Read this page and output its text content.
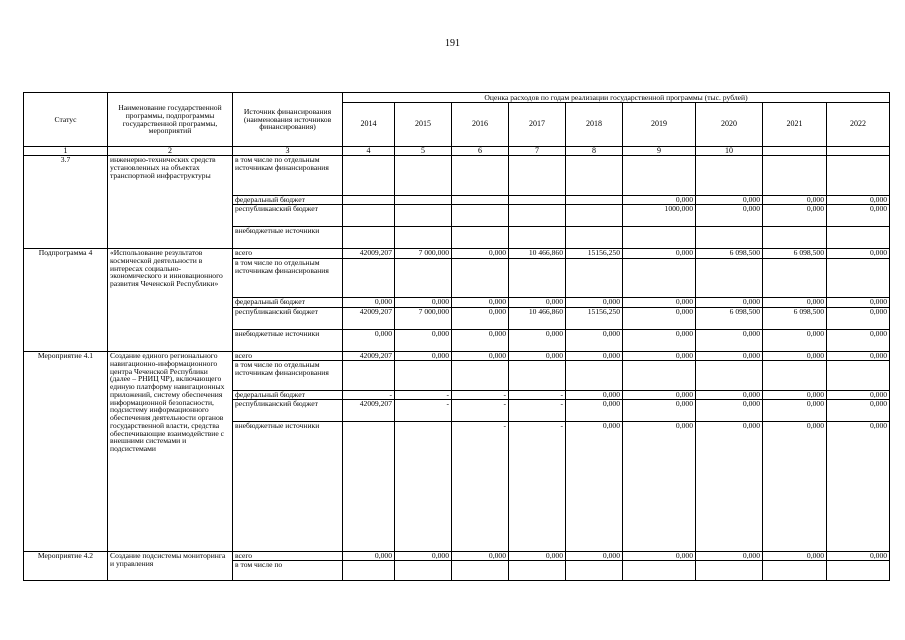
191
Статус	Наименование государственной программы, подпрограммы государственной программы, мероприятий	Источник финансирования (наименования источников финансирования)	Оценка расходов по годам реализации государственной программы (тыс. рублей)								
			2014	2015	2016	2017	2018	2019	2020	2021	2022
1	2	3	4	5	6	7	8	9	10		
3.7	инженерно-технических средств установленных на объектах транспортной инфраструктуры	в том числе по отдельным источникам финансирования									
		федеральный бюджет						0,000	0,000	0,000	0,000
		республиканский бюджет						1000,000	0,000	0,000	0,000
		внебюджетные источники									
Подпрограмма 4	«Использование результатов космической деятельности в интересах социально-экономического и инновационного развития Чеченской Республики»	всего	42009,207	7 000,000	0,000	10 466,860	15156,250	0,000	6 098,500	6 098,500	0,000
		в том числе по отдельным источникам финансирования									
		федеральный бюджет	0,000	0,000	0,000	0,000	0,000	0,000	0,000	0,000	0,000
		республиканский бюджет	42009,207	7 000,000	0,000	10 466,860	15156,250	0,000	6 098,500	6 098,500	0,000
		внебюджетные источники	0,000	0,000	0,000	0,000	0,000	0,000	0,000	0,000	0,000
Мероприятие 4.1	Создание единого регионального навигационно-информационного центра Чеченской Республики (далее – РНИЦ ЧР), включающего единую платформу навигационных приложений, систему обеспечения информационной безопасности, подсистему информационного обеспечения деятельности органов государственной власти, средства обеспечивающие взаимодействие с внешними системами и подсистемами	всего	42009,207	0,000	0,000	0,000	0,000	0,000	0,000	0,000	0,000
		в том числе по отдельным источникам финансирования									
		федеральный бюджет	-	-	-	-	0,000	0,000	0,000	0,000	0,000
		республиканский бюджет	42009,207	-	-	-	0,000	0,000	0,000	0,000	0,000
		внебюджетные источники			-	-	0,000	0,000	0,000	0,000	0,000
Мероприятие 4.2	Создание подсистемы мониторинга и управления	всего	0,000	0,000	0,000	0,000	0,000	0,000	0,000	0,000	0,000
		в том числе по									
